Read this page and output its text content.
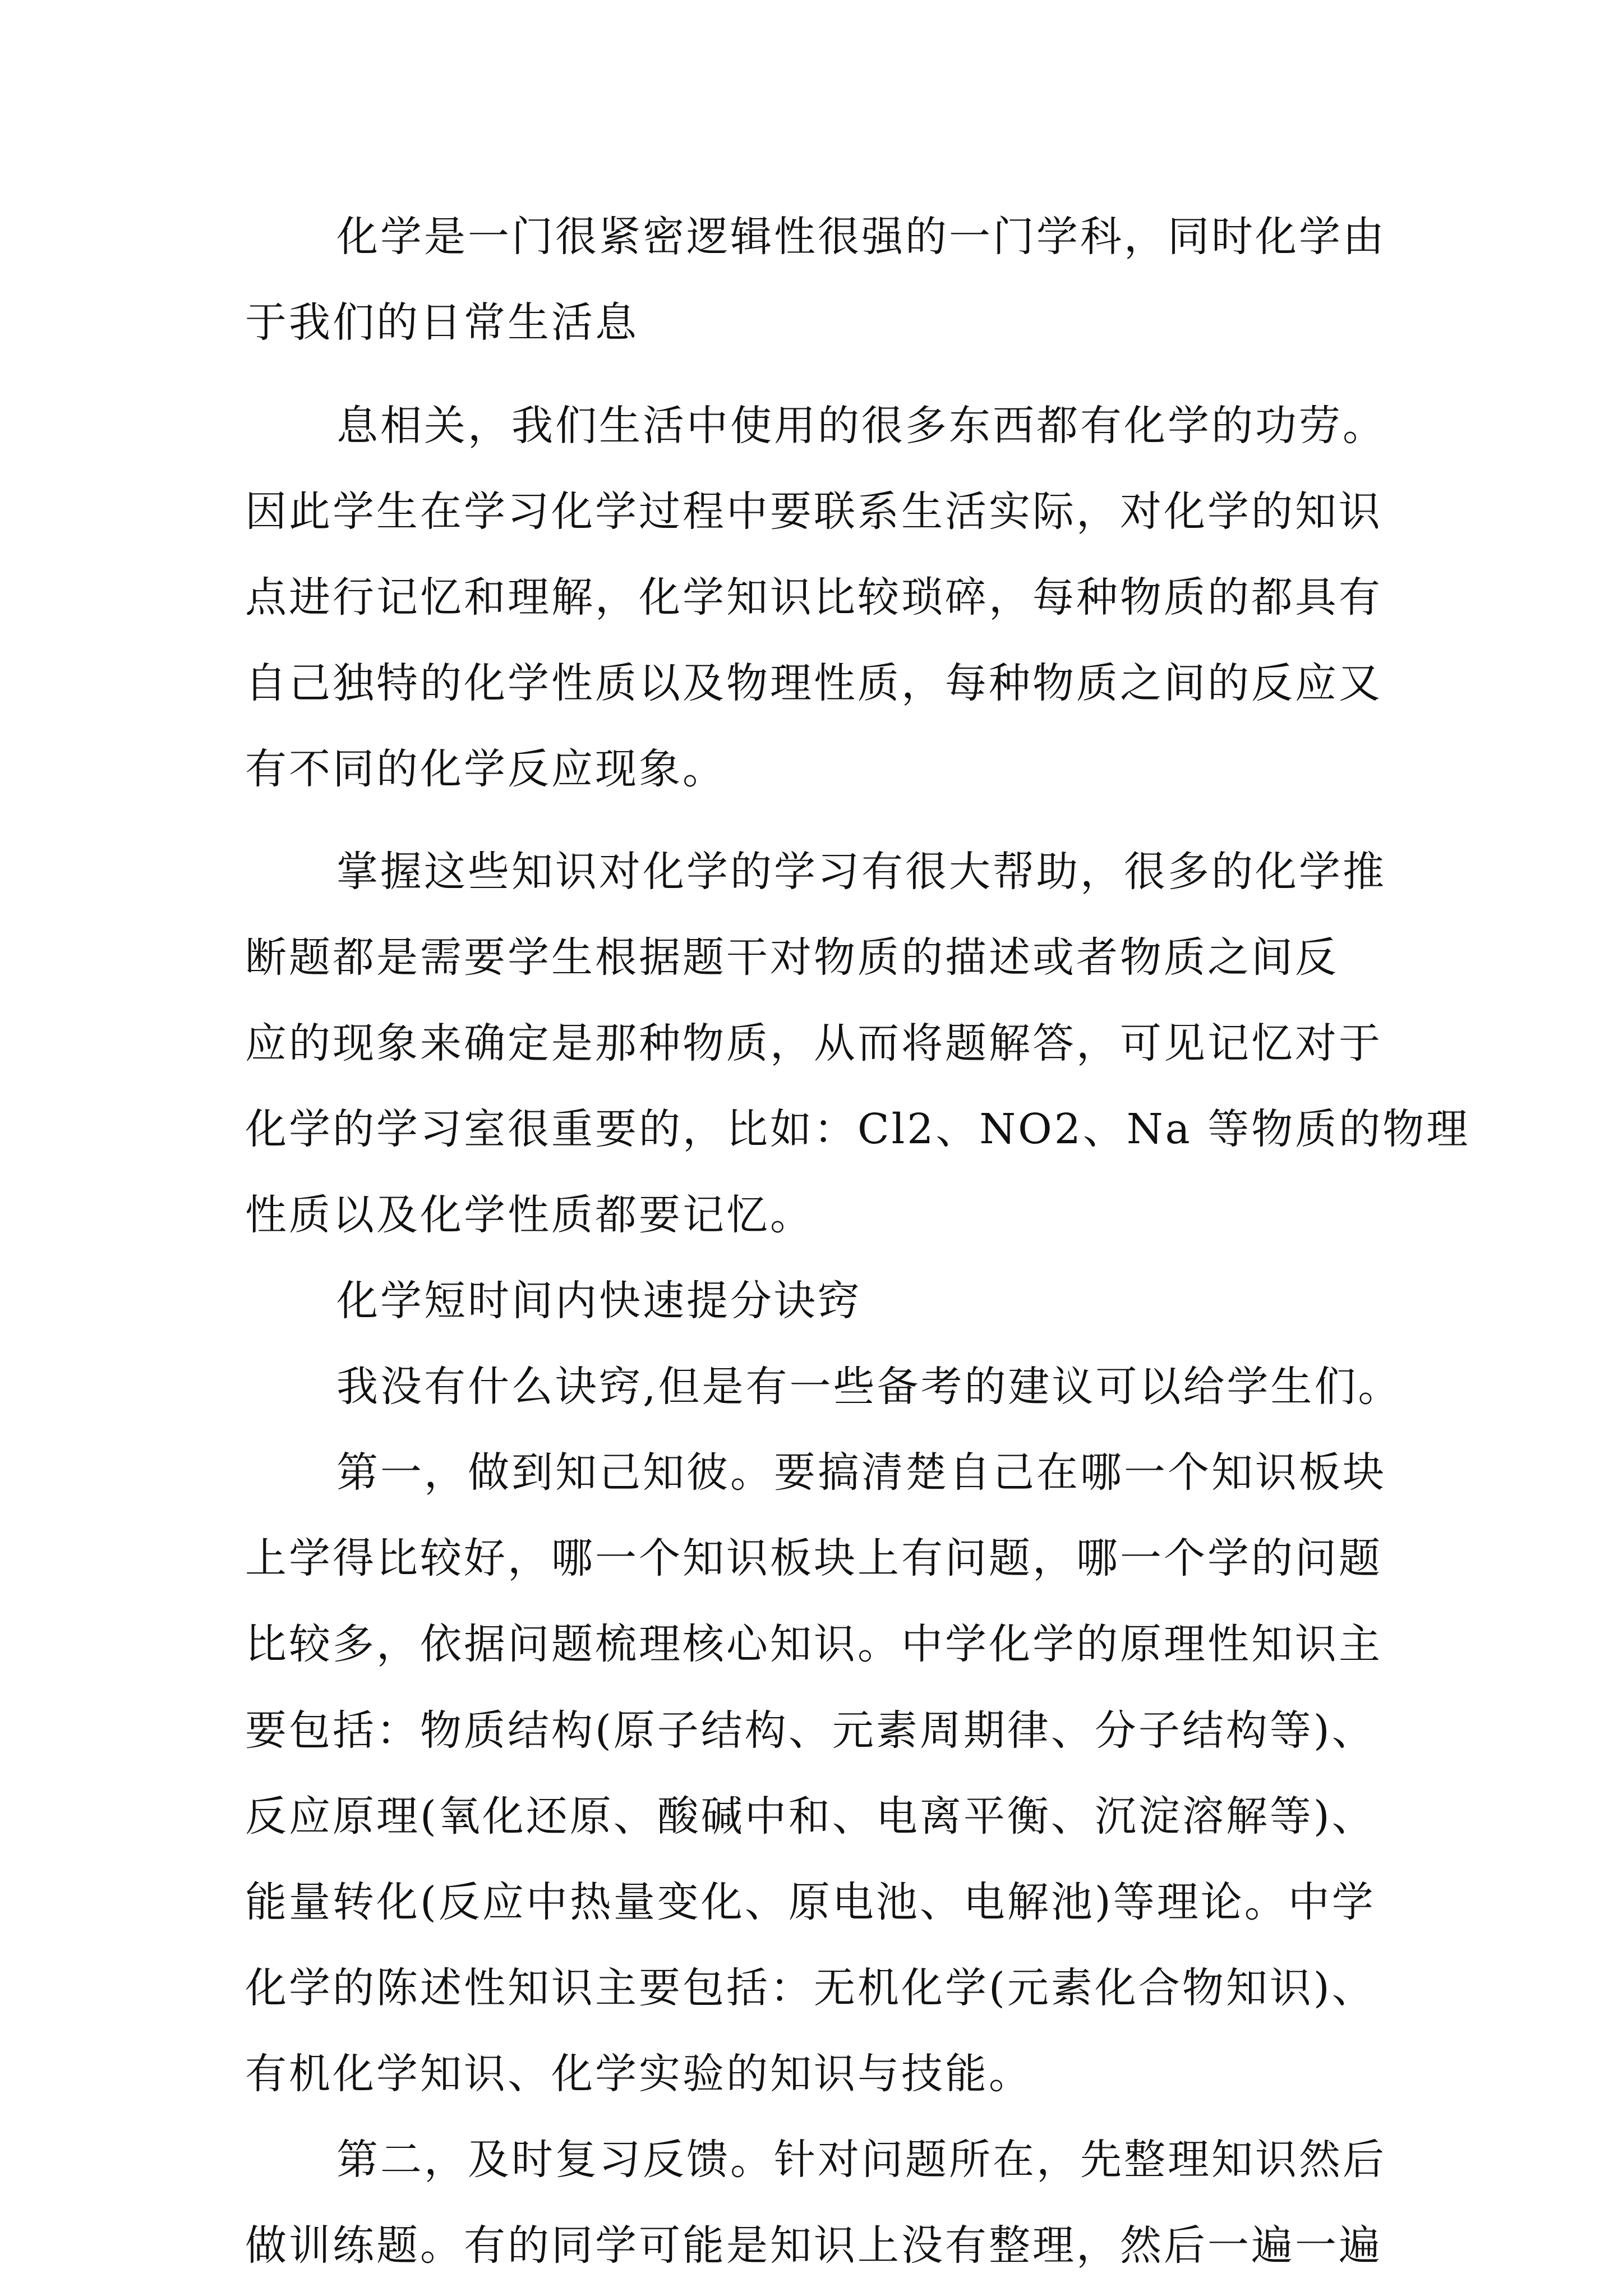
化学是一门很紧密逻辑性很强的一门学科，同时化学由

于我们的日常生活息

息相关，我们生活中使用的很多东西都有化学的功劳。

因此学生在学习化学过程中要联系生活实际，对化学的知识

点进行记忆和理解，化学知识比较琐碎，每种物质的都具有

自己独特的化学性质以及物理性质，每种物质之间的反应又

有不同的化学反应现象。

掌握这些知识对化学的学习有很大帮助，很多的化学推

断题都是需要学生根据题干对物质的描述或者物质之间反

应的现象来确定是那种物质，从而将题解答，可见记忆对于

化学的学习室很重要的，比如：Cl2、NO2、Na 等物质的物理

性质以及化学性质都要记忆。

化学短时间内快速提分诀窍

我没有什么诀窍,但是有一些备考的建议可以给学生们。

第一，做到知己知彼。要搞清楚自己在哪一个知识板块

上学得比较好，哪一个知识板块上有问题，哪一个学的问题

比较多，依据问题梳理核心知识。中学化学的原理性知识主

要包括：物质结构(原子结构、元素周期律、分子结构等)、

反应原理(氧化还原、酸碱中和、电离平衡、沉淀溶解等)、

能量转化(反应中热量变化、原电池、电解池)等理论。中学

化学的陈述性知识主要包括：无机化学(元素化合物知识)、

有机化学知识、化学实验的知识与技能。

第二，及时复习反馈。针对问题所在，先整理知识然后

做训练题。有的同学可能是知识上没有整理，然后一遍一遍
